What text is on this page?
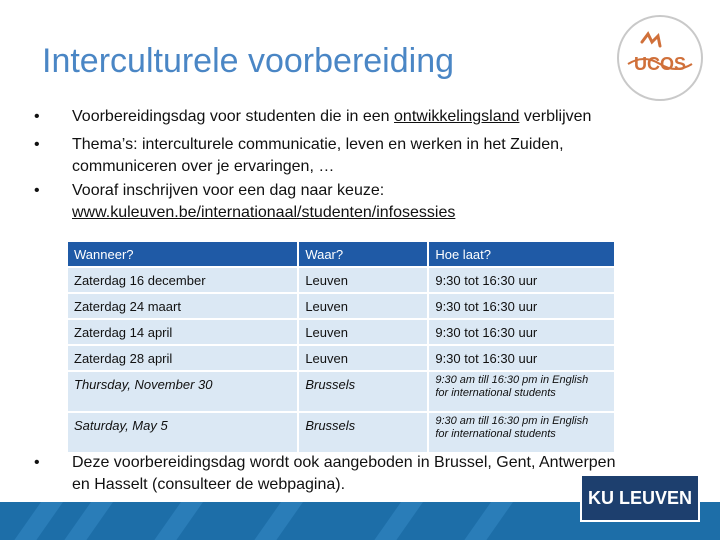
Interculturele voorbereiding	UCOS
• Voorbereidingsdag voor studenten die in een ontwikkelingsland verblijven
• Thema’s: interculturele communicatie, leven en werken in het Zuiden,
communiceren over je ervaringen, …
• Vooraf inschrijven voor een dag naar keuze:
www.kuleuven.be/internationaal/studenten/infosessies
• Deze voorbereidingsdag wordt ook aangeboden in Brussel, Gent, Antwerpen
en Hasselt (consulteer de webpagina).
Wanneer?	Waar?	Hoe laat?
Zaterdag 16 december	Leuven	9:30 tot 16:30 uur
Zaterdag 24 maart	Leuven	9:30 tot 16:30 uur
Zaterdag 14 april	Leuven	9:30 tot 16:30 uur
Zaterdag 28 april	Leuven	9:30 tot 16:30 uur
Thursday, November 30	Brussels	9:30 am till 16:30 pm in English
for international students

Saturday, May 5	Brussels	9:30 am till 16:30 pm in English
for international students
KU LEUVEN
